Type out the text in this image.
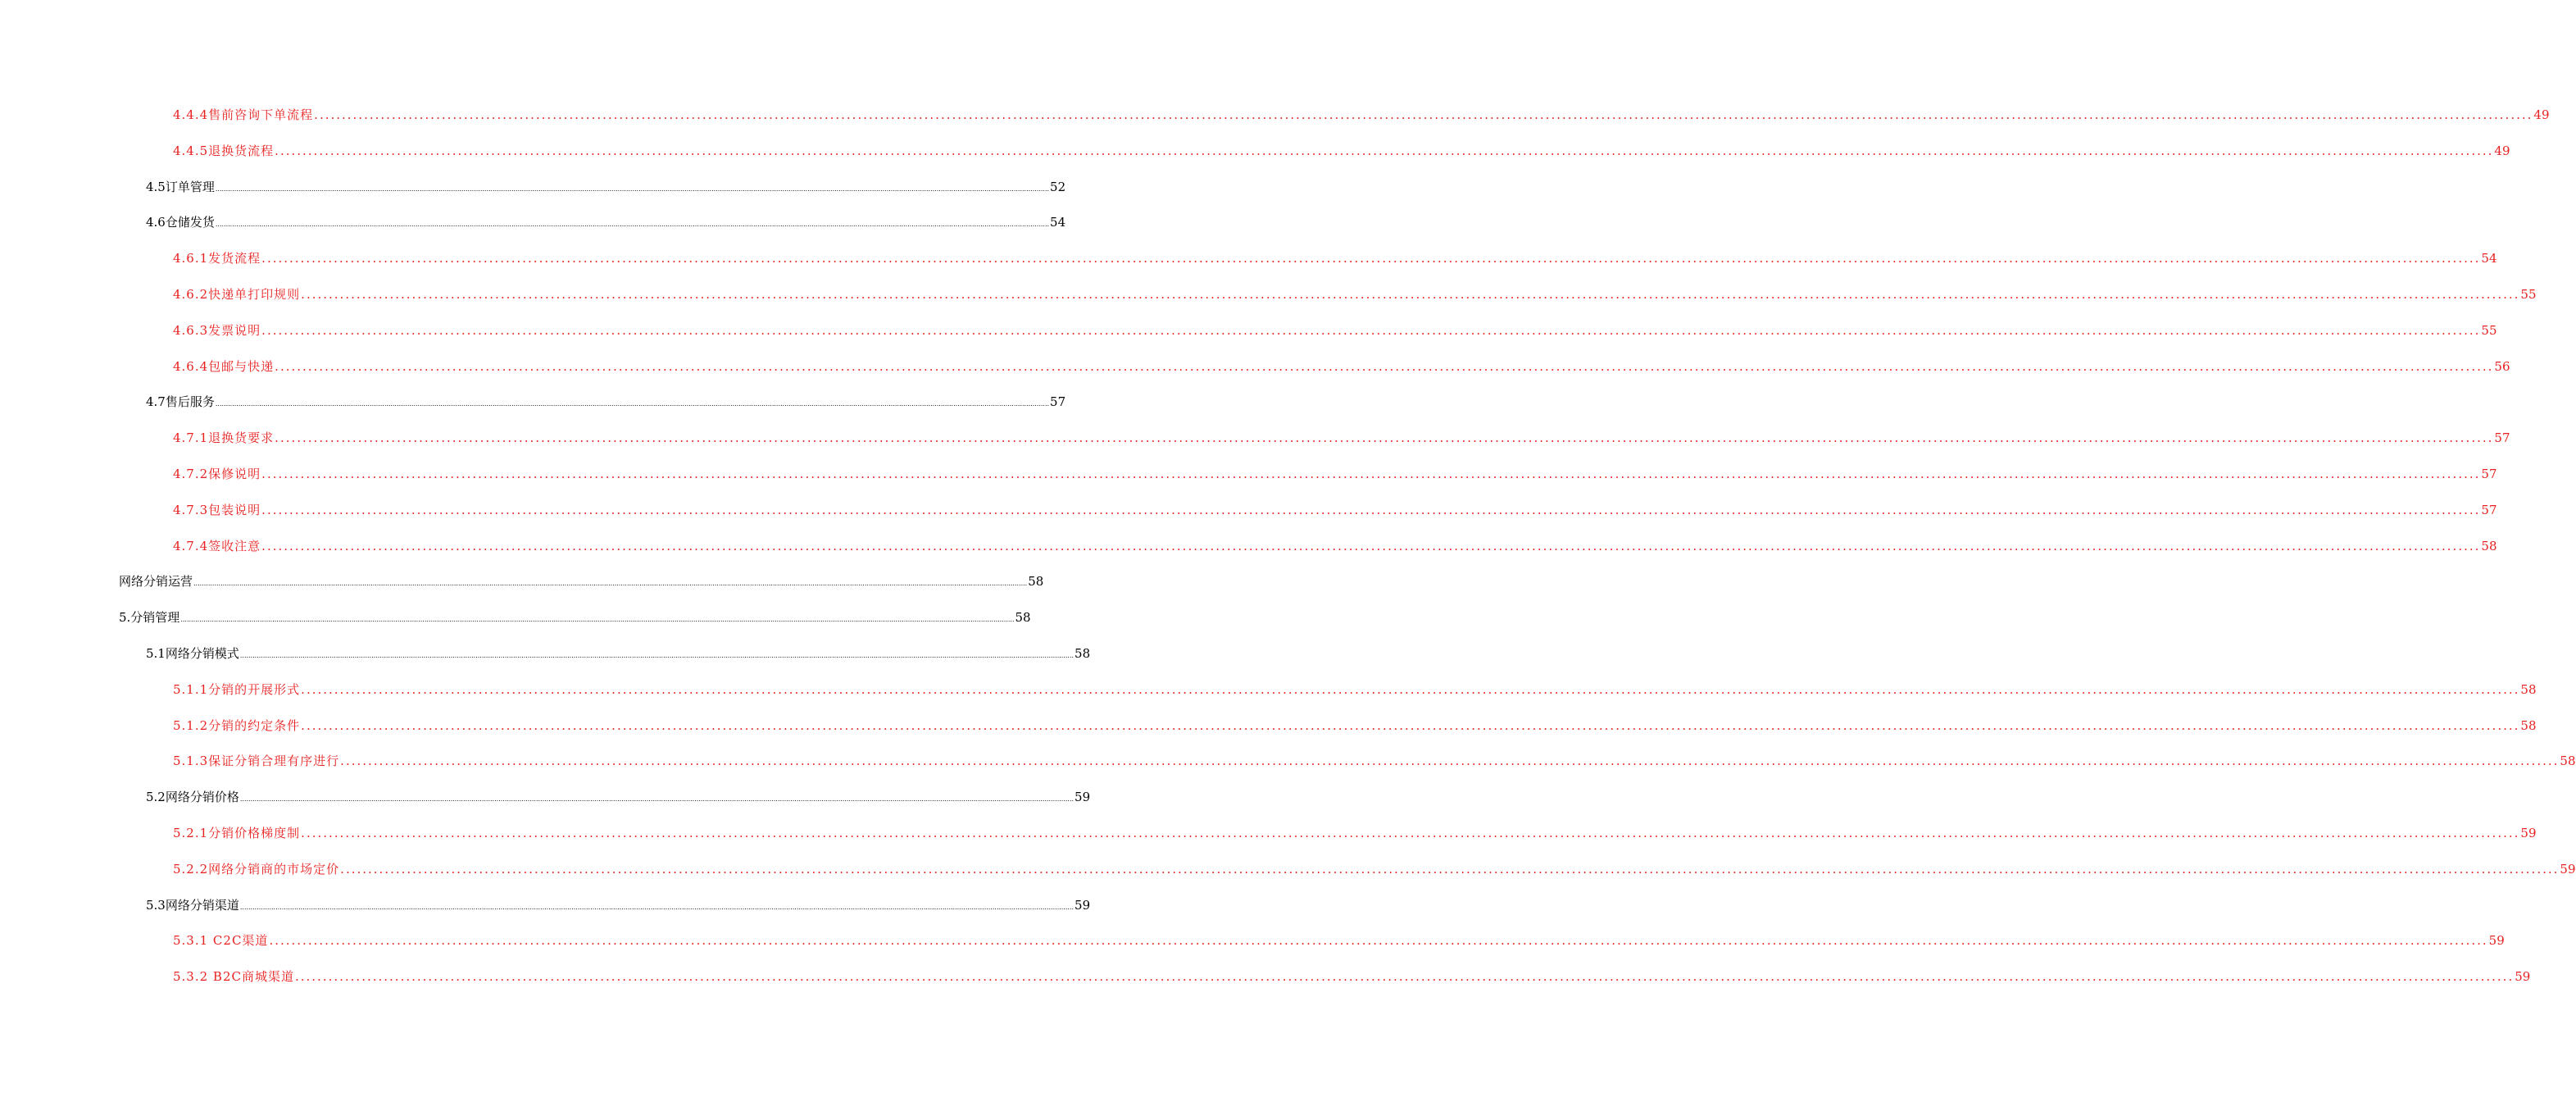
4.4.4售前咨询下单流程 ................................................................................................................................................................................................................................................................................................................................................................................................................ 49
4.4.5退换货流程 ................................................................................................................................................................................................................................................................................................................................................................................................................ 49
4.5订单管理 ................................................................................................................................................................................................................................................................................................................................................................................................................ 52
4.6仓储发货 ................................................................................................................................................................................................................................................................................................................................................................................................................ 54
4.6.1发货流程 ................................................................................................................................................................................................................................................................................................................................................................................................................ 54
4.6.2快递单打印规则 ................................................................................................................................................................................................................................................................................................................................................................................................................ 55
4.6.3发票说明 ................................................................................................................................................................................................................................................................................................................................................................................................................ 55
4.6.4包邮与快递 ................................................................................................................................................................................................................................................................................................................................................................................................................ 56
4.7售后服务 ................................................................................................................................................................................................................................................................................................................................................................................................................ 57
4.7.1退换货要求 ................................................................................................................................................................................................................................................................................................................................................................................................................ 57
4.7.2保修说明 ................................................................................................................................................................................................................................................................................................................................................................................................................ 57
4.7.3包装说明 ................................................................................................................................................................................................................................................................................................................................................................................................................ 57
4.7.4签收注意 ................................................................................................................................................................................................................................................................................................................................................................................................................ 58
网络分销运营 ................................................................................................................................................................................................................................................................................................................................................................................................................ 58
5.分销管理 ................................................................................................................................................................................................................................................................................................................................................................................................................ 58
5.1网络分销模式 ................................................................................................................................................................................................................................................................................................................................................................................................................ 58
5.1.1分销的开展形式 ................................................................................................................................................................................................................................................................................................................................................................................................................ 58
5.1.2分销的约定条件 ................................................................................................................................................................................................................................................................................................................................................................................................................ 58
5.1.3保证分销合理有序进行 ................................................................................................................................................................................................................................................................................................................................................................................................................ 58
5.2网络分销价格 ................................................................................................................................................................................................................................................................................................................................................................................................................ 59
5.2.1分销价格梯度制 ................................................................................................................................................................................................................................................................................................................................................................................................................ 59
5.2.2网络分销商的市场定价 ................................................................................................................................................................................................................................................................................................................................................................................................................ 59
5.3网络分销渠道 ................................................................................................................................................................................................................................................................................................................................................................................................................ 59
5.3.1 C2C渠道 ................................................................................................................................................................................................................................................................................................................................................................................................................ 59
5.3.2 B2C商城渠道 ................................................................................................................................................................................................................................................................................................................................................................................................................ 59
